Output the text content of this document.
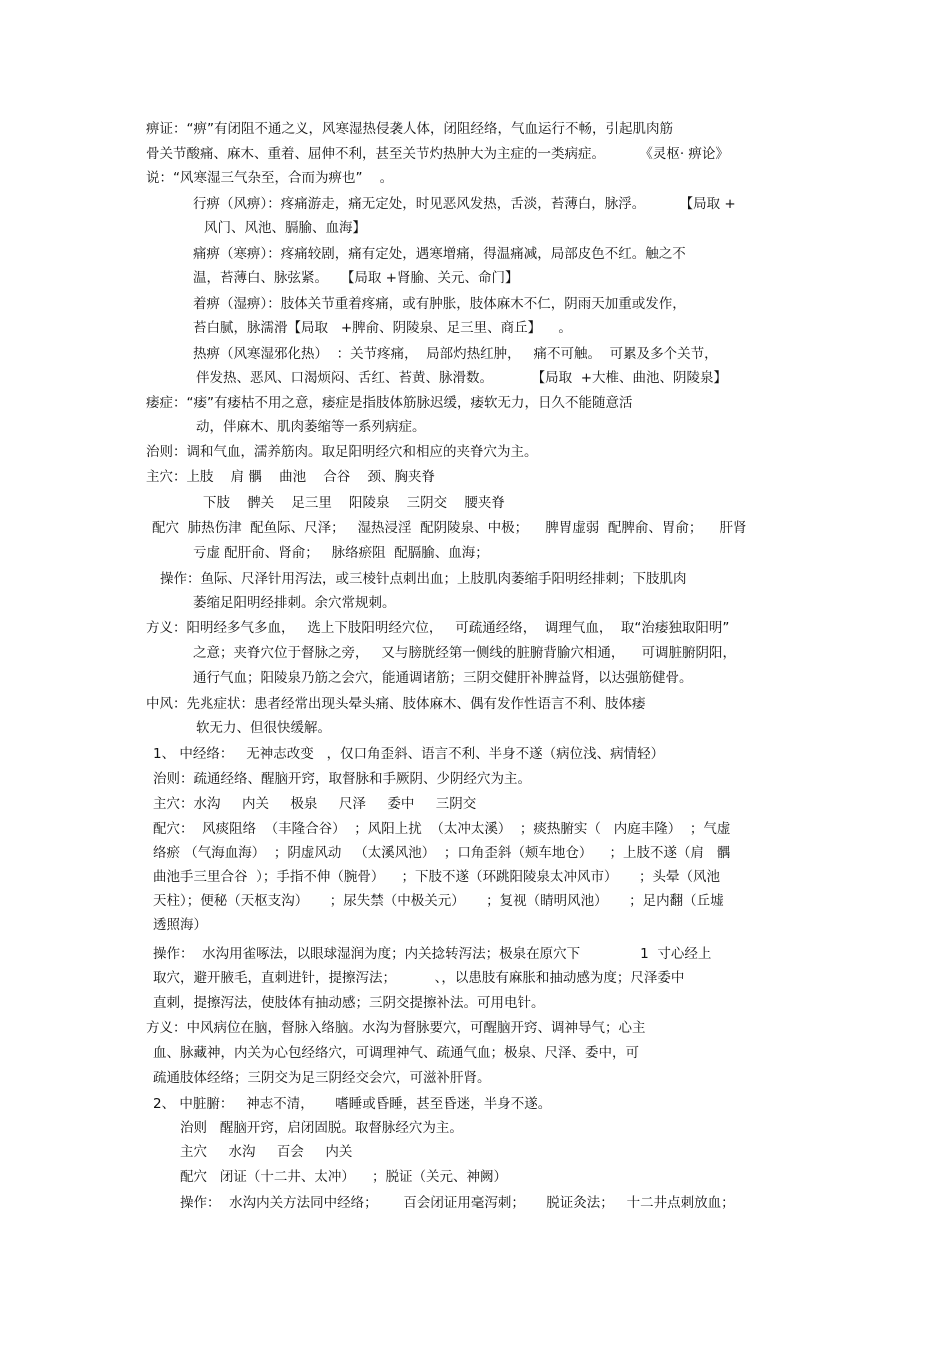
痹证：“痹”有闭阻不通之义，风寒湿热侵袭人体，闭阻经络，气血运行不畅，引起肌肉筋
骨关节酸痛、麻木、重着、屈伸不利，甚至关节灼热肿大为主症的一类病症。        《灵枢· 痹论》
说：“风寒湿三气杂至，合而为痹也”    。
行痹（风痹）：疼痛游走，痛无定处，时见恶风发热，舌淡，苔薄白，脉浮。        【局取 +
风门、风池、膈腧、血海】
痛痹（寒痹）：疼痛较剧，痛有定处，遇寒增痛，得温痛减，局部皮色不红。触之不
温，苔薄白、脉弦紧。   【局取 +肾腧、关元、命门】
着痹（湿痹）：肢体关节重着疼痛，或有肿胀，肢体麻木不仁，阴雨天加重或发作，
苔白腻，脉濡滑【局取   +脾俞、阴陵泉、足三里、商丘】    。
热痹（风寒湿邪化热）  ：关节疼痛，  局部灼热红肿，   痛不可触。  可累及多个关节，
伴发热、恶风、口渴烦闷、舌红、苔黄、脉滑数。         【局取  +大椎、曲池、阴陵泉】
痿症：“痿”有痿枯不用之意，痿症是指肢体筋脉迟缓，痿软无力，日久不能随意活
动，伴麻木、肌肉萎缩等一系列病症。
治则：调和气血，濡养筋肉。取足阳明经穴和相应的夹脊穴为主。
主穴：上肢    肩 髃    曲池    合谷    颈、胸夹脊
下肢    髀关    足三里    阳陵泉    三阴交    腰夹脊
配穴  肺热伤津  配鱼际、尺泽；   湿热浸淫  配阴陵泉、中极；    脾胃虚弱  配脾俞、胃俞；    肝肾
亏虚 配肝俞、肾俞；   脉络瘀阻  配膈腧、血海；
操作：鱼际、尺泽针用泻法，或三棱针点刺出血；上肢肌肉萎缩手阳明经排刺；下肢肌肉
萎缩足阳明经排刺。余穴常规刺。
方义：阳明经多气多血，   选上下肢阳明经穴位，   可疏通经络，  调理气血，  取“治痿独取阳明”
之意；夹脊穴位于督脉之旁，   又与膀胱经第一侧线的脏腑背腧穴相通，    可调脏腑阴阳，
通行气血；阳陵泉乃筋之会穴，能通调诸筋；三阴交健肝补脾益肾，以达强筋健骨。
中风：先兆症状：患者经常出现头晕头痛、肢体麻木、偶有发作性语言不利、肢体痿
软无力、但很快缓解。
1、 中经络：   无神志改变   ，仅口角歪斜、语言不利、半身不遂（病位浅、病情轻）
治则：疏通经络、醒脑开窍，取督脉和手厥阴、少阴经穴为主。
主穴：水沟     内关     极泉     尺泽     委中     三阴交
配穴：  风痰阻络  （丰隆合谷）  ；风阳上扰  （太冲太溪）  ；痰热腑实（   内庭丰隆）  ；气虚
络瘀 （气海血海）  ；阴虚风动   （太溪风池）  ；口角歪斜（颊车地仓）    ；上肢不遂（肩   髃
曲池手三里合谷  ）；手指不伸（腕骨）    ；下肢不遂（环跳阳陵泉太冲风市）     ；头晕（风池
天柱）；便秘（天枢支沟）     ；尿失禁（中极关元）     ；复视（睛明风池）     ；足内翻（丘墟
透照海）
操作：  水沟用雀啄法，以眼球湿润为度；内关捻转泻法；极泉在原穴下              1  寸心经上
取穴，避开腋毛，直刺进针，提擦泻法；         、，以患肢有麻胀和抽动感为度；尺泽委中
直刺，提擦泻法，使肢体有抽动感；三阴交提擦补法。可用电针。
方义：中风病位在脑，督脉入络脑。水沟为督脉要穴，可醒脑开窍、调神导气；心主
血、脉藏神，内关为心包经络穴，可调理神气、疏通气血；极泉、尺泽、委中，可
疏通肢体经络；三阴交为足三阴经交会穴，可滋补肝肾。
2、 中脏腑：   神志不清，     嗜睡或昏睡，甚至昏迷，半身不遂。
治则   醒脑开窍，启闭固脱。取督脉经穴为主。
主穴     水沟     百会     内关
配穴   闭证（十二井、太冲）    ；脱证（关元、神阙）
操作：  水沟内关方法同中经络；      百会闭证用毫泻刺；     脱证灸法；   十二井点刺放血；
